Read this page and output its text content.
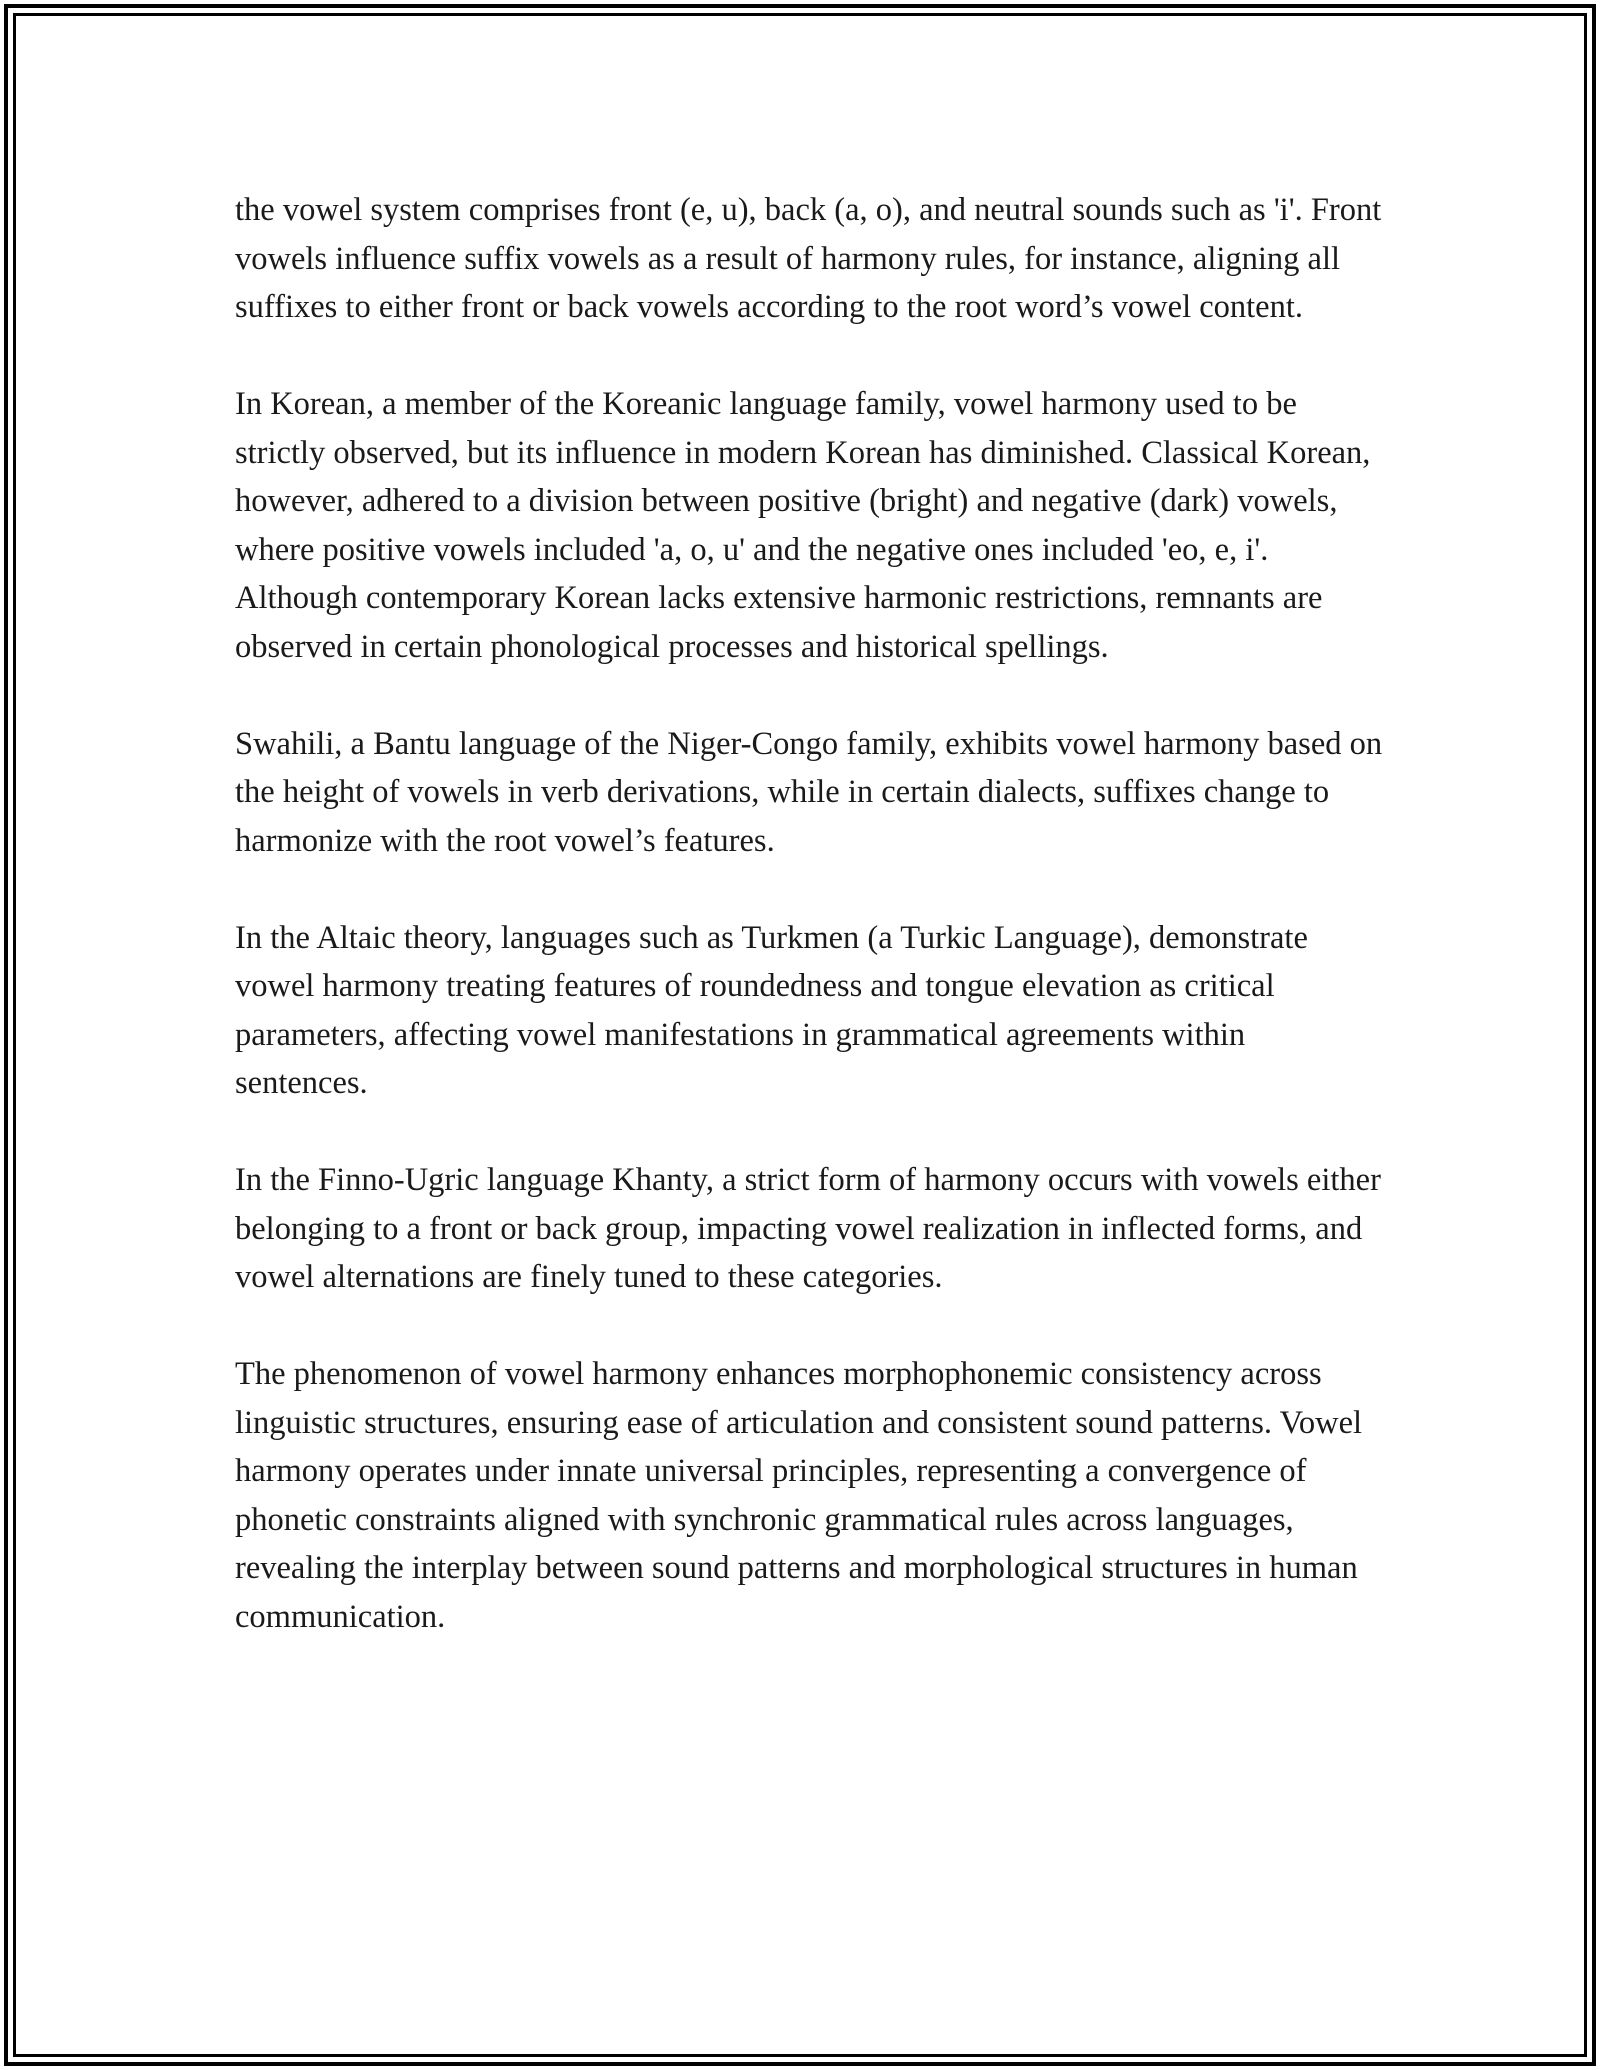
the vowel system comprises front (e, u), back (a, o), and neutral sounds such as 'i'. Front vowels influence suffix vowels as a result of harmony rules, for instance, aligning all suffixes to either front or back vowels according to the root word’s vowel content.

In Korean, a member of the Koreanic language family, vowel harmony used to be strictly observed, but its influence in modern Korean has diminished. Classical Korean, however, adhered to a division between positive (bright) and negative (dark) vowels, where positive vowels included 'a, o, u' and the negative ones included 'eo, e, i'. Although contemporary Korean lacks extensive harmonic restrictions, remnants are observed in certain phonological processes and historical spellings.

Swahili, a Bantu language of the Niger-Congo family, exhibits vowel harmony based on the height of vowels in verb derivations, while in certain dialects, suffixes change to harmonize with the root vowel’s features.

In the Altaic theory, languages such as Turkmen (a Turkic Language), demonstrate vowel harmony treating features of roundedness and tongue elevation as critical parameters, affecting vowel manifestations in grammatical agreements within sentences.

In the Finno-Ugric language Khanty, a strict form of harmony occurs with vowels either belonging to a front or back group, impacting vowel realization in inflected forms, and vowel alternations are finely tuned to these categories.

The phenomenon of vowel harmony enhances morphophonemic consistency across linguistic structures, ensuring ease of articulation and consistent sound patterns. Vowel harmony operates under innate universal principles, representing a convergence of phonetic constraints aligned with synchronic grammatical rules across languages, revealing the interplay between sound patterns and morphological structures in human communication.
